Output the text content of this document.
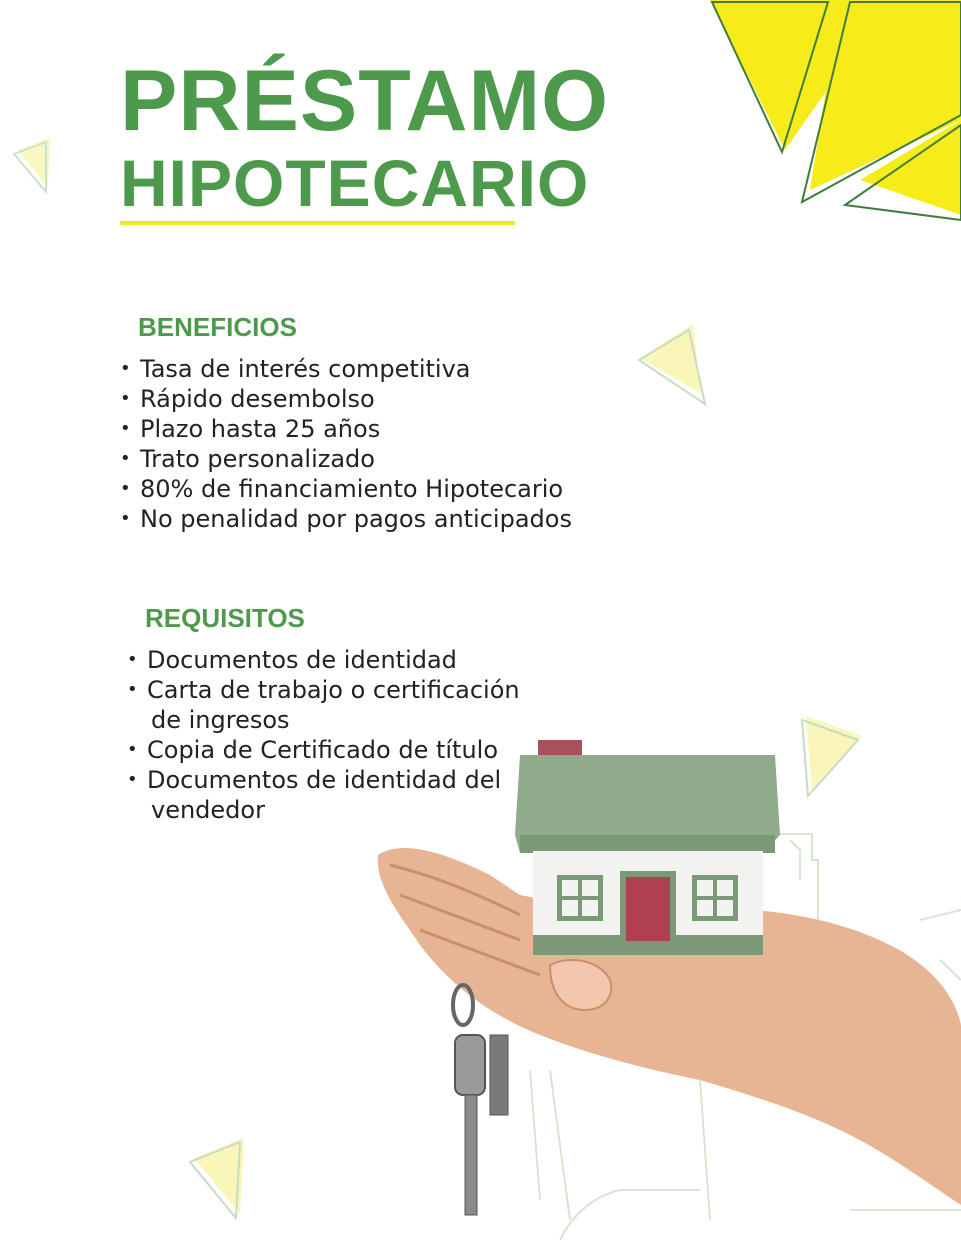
PRÉSTAMO
HIPOTECARIO
BENEFICIOS
• Tasa de interés competitiva
• Rápido desembolso
• Plazo hasta 25 años
• Trato personalizado
• 80% de financiamiento Hipotecario
• No penalidad por pagos anticipados
REQUISITOS
• Documentos de identidad
• Carta de trabajo o certificación
de ingresos
• Copia de Certificado de título
• Documentos de identidad del
vendedor
